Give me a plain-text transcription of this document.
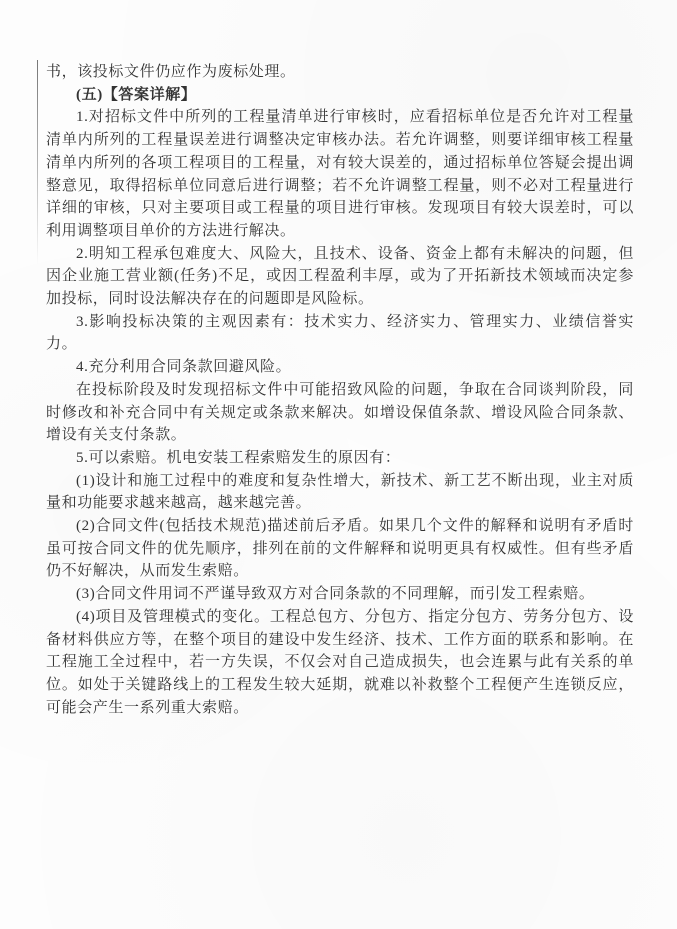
书，该投标文件仍应作为废标处理。

(五)【答案详解】

1.对招标文件中所列的工程量清单进行审核时，应看招标单位是否允许对工程量清单内所列的工程量误差进行调整决定审核办法。若允许调整，则要详细审核工程量清单内所列的各项工程项目的工程量，对有较大误差的，通过招标单位答疑会提出调整意见，取得招标单位同意后进行调整；若不允许调整工程量，则不必对工程量进行详细的审核，只对主要项目或工程量的项目进行审核。发现项目有较大误差时，可以利用调整项目单价的方法进行解决。

2.明知工程承包难度大、风险大，且技术、设备、资金上都有未解决的问题，但因企业施工营业额(任务)不足，或因工程盈利丰厚，或为了开拓新技术领域而决定参加投标，同时设法解决存在的问题即是风险标。

3.影响投标决策的主观因素有：技术实力、经济实力、管理实力、业绩信誉实力。

4.充分利用合同条款回避风险。

在投标阶段及时发现招标文件中可能招致风险的问题，争取在合同谈判阶段，同时修改和补充合同中有关规定或条款来解决。如增设保值条款、增设风险合同条款、增设有关支付条款。

5.可以索赔。机电安装工程索赔发生的原因有：

(1)设计和施工过程中的难度和复杂性增大，新技术、新工艺不断出现，业主对质量和功能要求越来越高，越来越完善。

(2)合同文件(包括技术规范)描述前后矛盾。如果几个文件的解释和说明有矛盾时虽可按合同文件的优先顺序，排列在前的文件解释和说明更具有权威性。但有些矛盾仍不好解决，从而发生索赔。

(3)合同文件用词不严谨导致双方对合同条款的不同理解，而引发工程索赔。

(4)项目及管理模式的变化。工程总包方、分包方、指定分包方、劳务分包方、设备材料供应方等，在整个项目的建设中发生经济、技术、工作方面的联系和影响。在工程施工全过程中，若一方失误，不仅会对自己造成损失，也会连累与此有关系的单位。如处于关键路线上的工程发生较大延期，就难以补救整个工程便产生连锁反应，可能会产生一系列重大索赔。
